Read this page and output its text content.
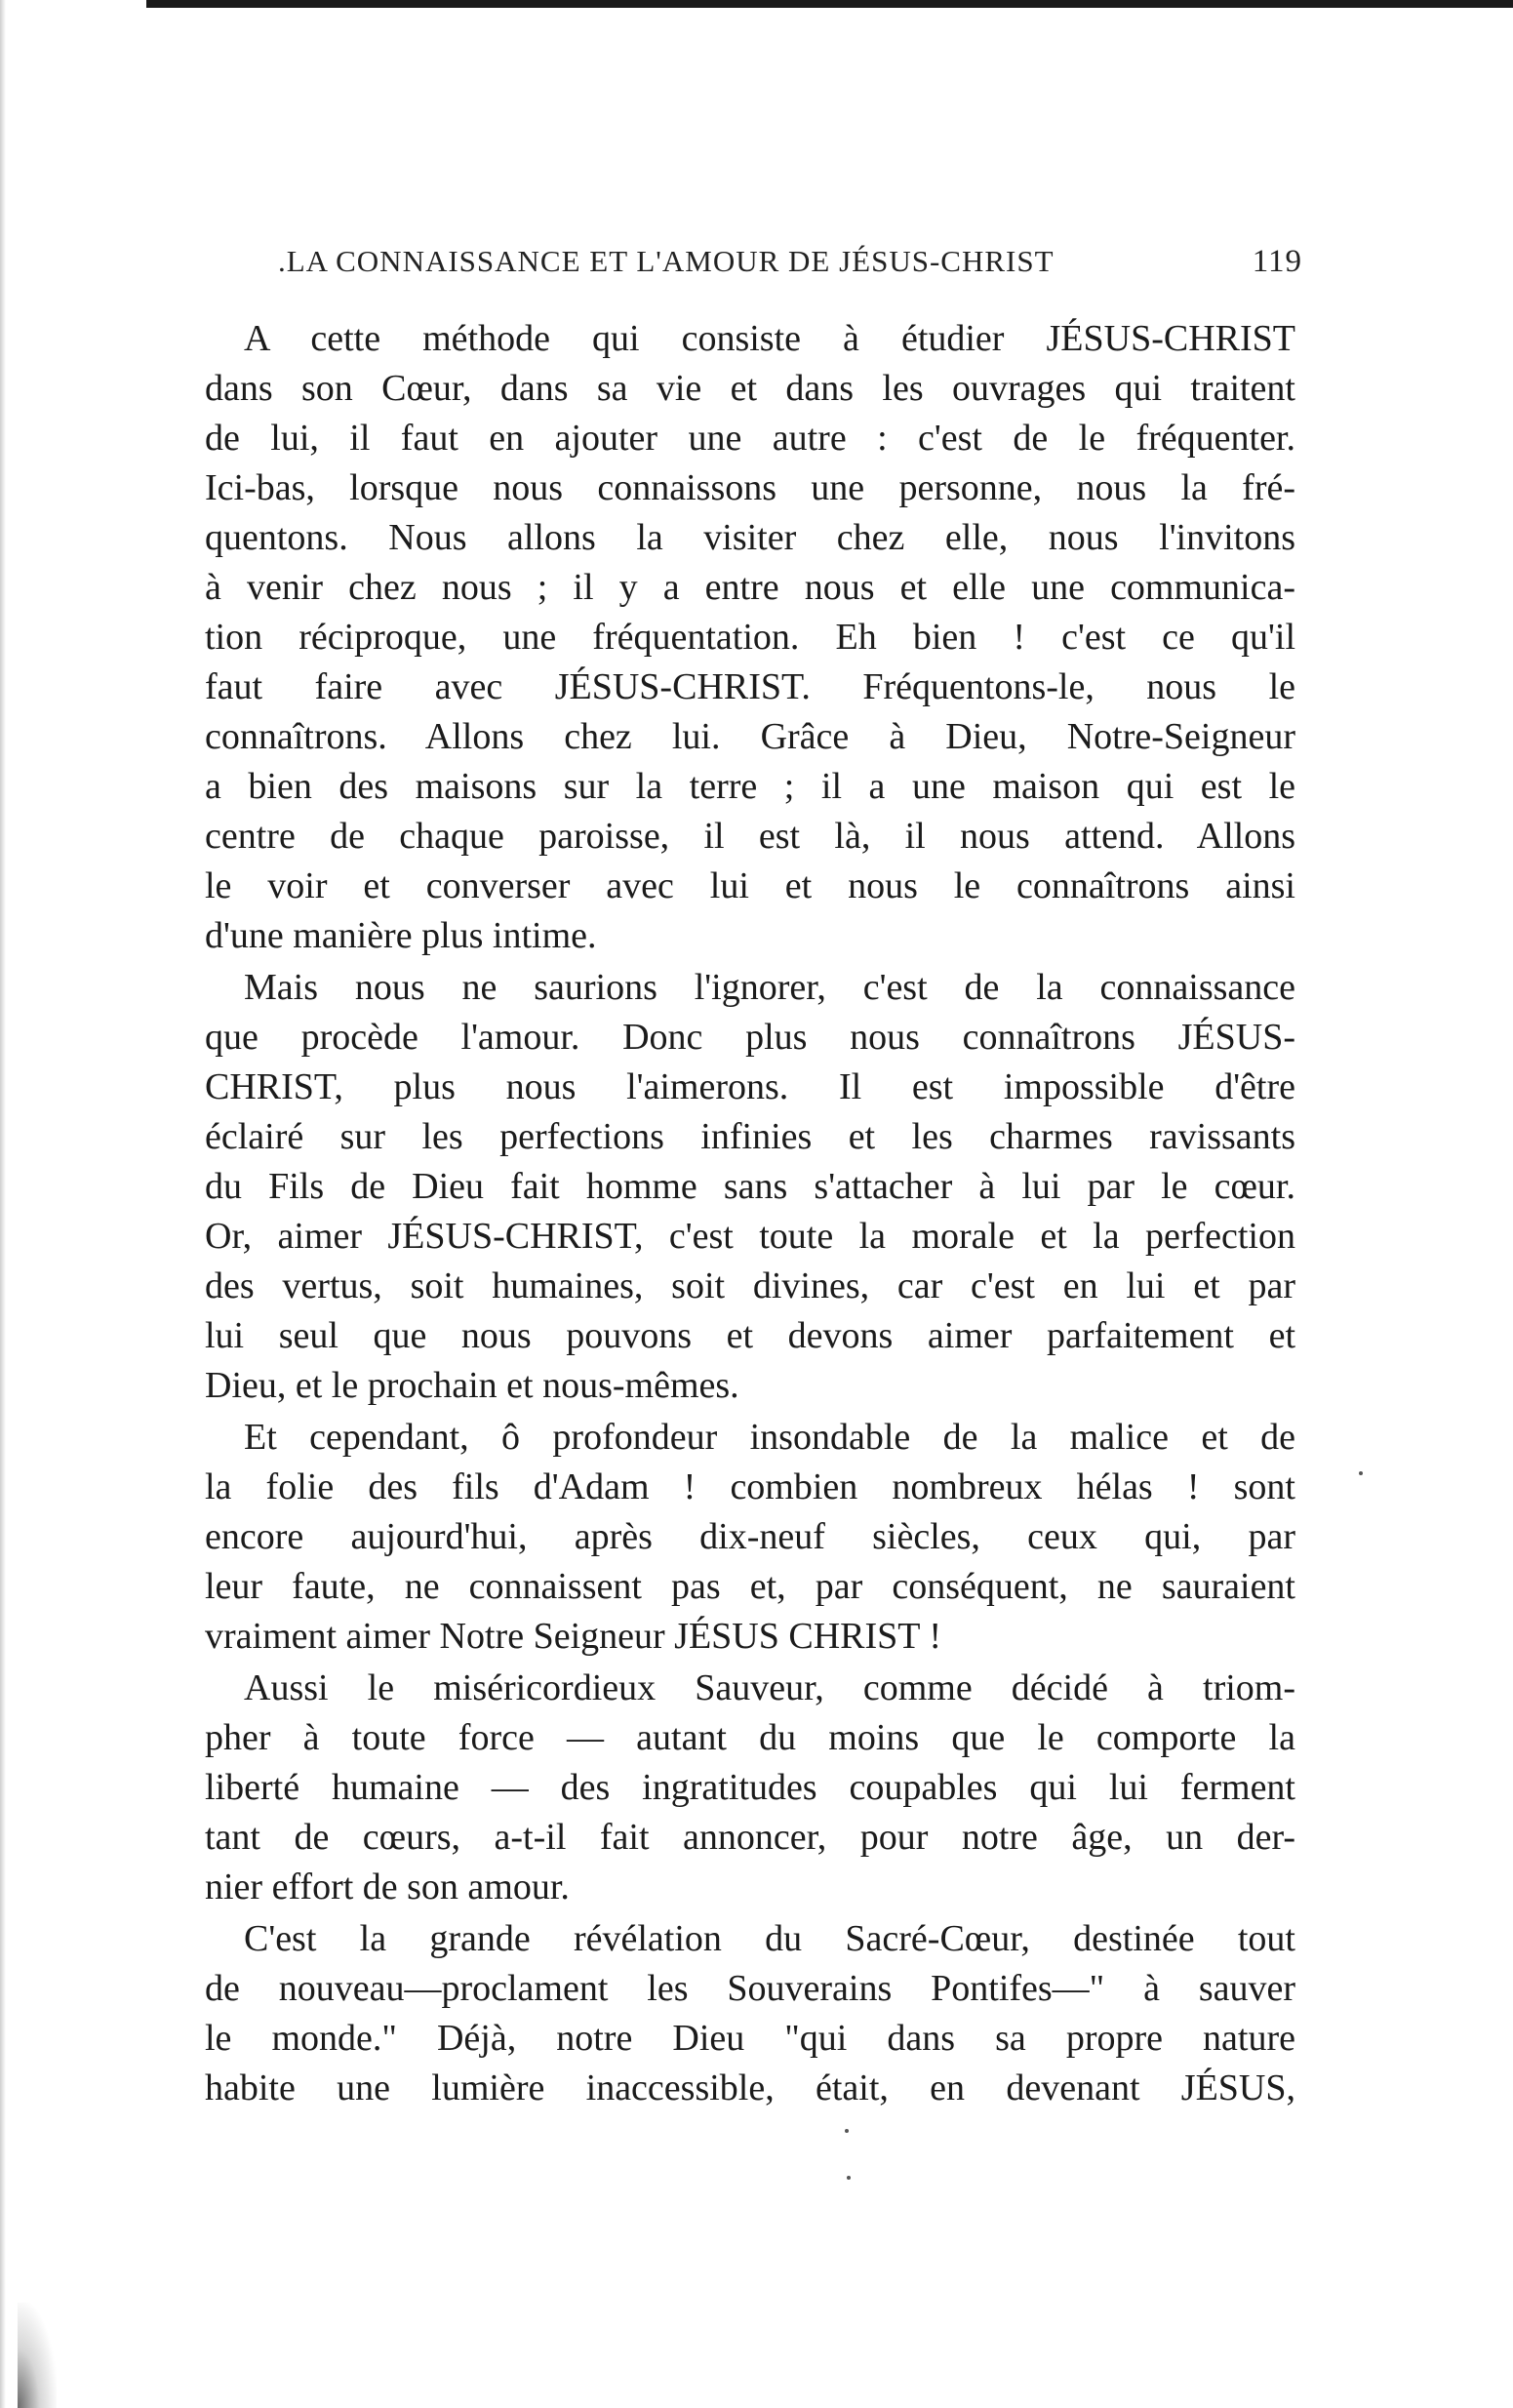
.LA CONNAISSANCE ET L'AMOUR DE JÉSUS-CHRIST	119
A cette méthode qui consiste à étudier JÉSUS-CHRIST
dans son Cœur, dans sa vie et dans les ouvrages qui traitent
de lui, il faut en ajouter une autre : c'est de le fréquenter.
Ici-bas, lorsque nous connaissons une personne, nous la fré-
quentons. Nous allons la visiter chez elle, nous l'invitons
à venir chez nous ; il y a entre nous et elle une communica-
tion réciproque, une fréquentation. Eh bien ! c'est ce qu'il
faut faire avec JÉSUS-CHRIST. Fréquentons-le, nous le
connaîtrons. Allons chez lui. Grâce à Dieu, Notre-Seigneur
a bien des maisons sur la terre ; il a une maison qui est le
centre de chaque paroisse, il est là, il nous attend. Allons
le voir et converser avec lui et nous le connaîtrons ainsi
d'une manière plus intime.
Mais nous ne saurions l'ignorer, c'est de la connaissance
que procède l'amour. Donc plus nous connaîtrons JÉSUS-
CHRIST, plus nous l'aimerons. Il est impossible d'être
éclairé sur les perfections infinies et les charmes ravissants
du Fils de Dieu fait homme sans s'attacher à lui par le cœur.
Or, aimer JÉSUS-CHRIST, c'est toute la morale et la perfection
des vertus, soit humaines, soit divines, car c'est en lui et par
lui seul que nous pouvons et devons aimer parfaitement et
Dieu, et le prochain et nous-mêmes.
Et cependant, ô profondeur insondable de la malice et de
la folie des fils d'Adam ! combien nombreux hélas ! sont
encore aujourd'hui, après dix-neuf siècles, ceux qui, par
leur faute, ne connaissent pas et, par conséquent, ne sauraient
vraiment aimer Notre Seigneur JÉSUS CHRIST !
Aussi le miséricordieux Sauveur, comme décidé à triom-
pher à toute force — autant du moins que le comporte la
liberté humaine — des ingratitudes coupables qui lui ferment
tant de cœurs, a-t-il fait annoncer, pour notre âge, un der-
nier effort de son amour.
C'est la grande révélation du Sacré-Cœur, destinée tout
de nouveau—proclament les Souverains Pontifes—" à sauver
le monde." Déjà, notre Dieu "qui dans sa propre nature
habite une lumière inaccessible, était, en devenant JÉSUS,
